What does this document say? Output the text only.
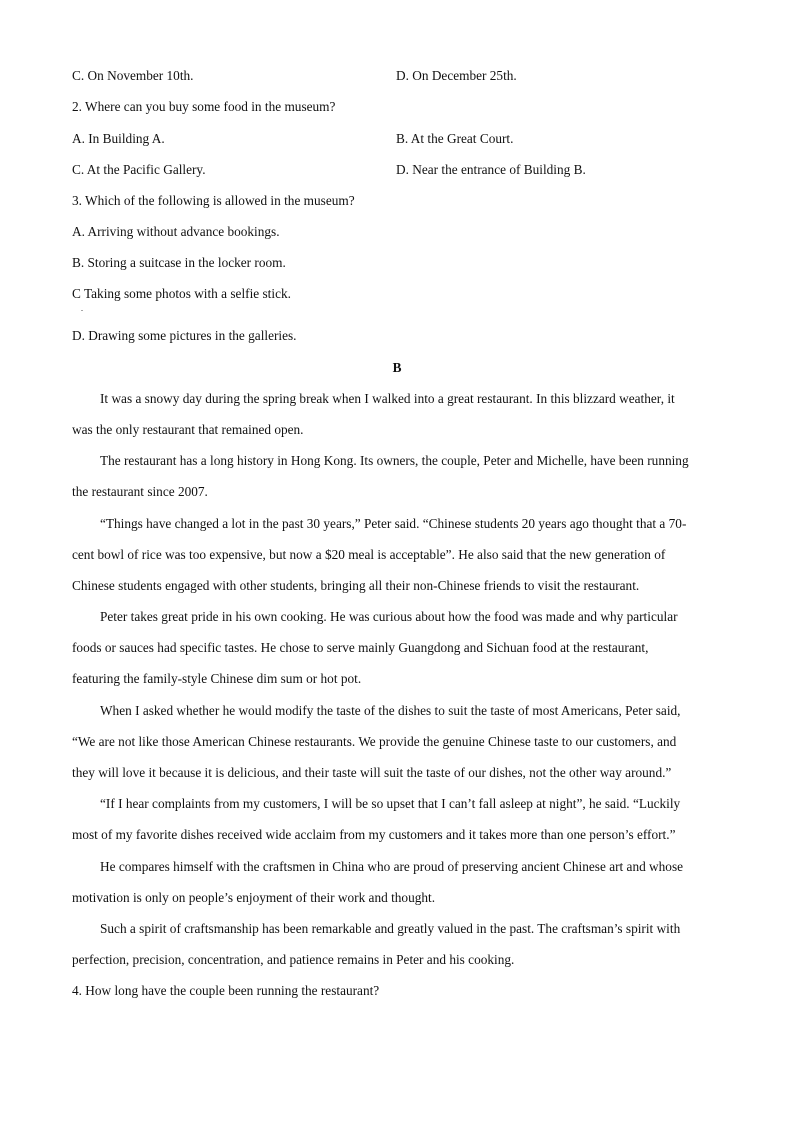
C. On November 10th.	D. On December 25th.
2. Where can you buy some food in the museum?
A. In Building A.	B. At the Great Court.
C. At the Pacific Gallery.	D. Near the entrance of Building B.
3. Which of the following is allowed in the museum?
A. Arriving without advance bookings.
B. Storing a suitcase in the locker room.
C Taking some photos with a selfie stick.
.
D. Drawing some pictures in the galleries.
B
It was a snowy day during the spring break when I walked into a great restaurant. In this blizzard weather, it
was the only restaurant that remained open.
The restaurant has a long history in Hong Kong. Its owners, the couple, Peter and Michelle, have been running
the restaurant since 2007.
“Things have changed a lot in the past 30 years,” Peter said. “Chinese students 20 years ago thought that a 70-
cent bowl of rice was too expensive, but now a $20 meal is acceptable”. He also said that the new generation of
Chinese students engaged with other students, bringing all their non-Chinese friends to visit the restaurant.
Peter takes great pride in his own cooking. He was curious about how the food was made and why particular
foods or sauces had specific tastes. He chose to serve mainly Guangdong and Sichuan food at the restaurant,
featuring the family-style Chinese dim sum or hot pot.
When I asked whether he would modify the taste of the dishes to suit the taste of most Americans, Peter said,
“We are not like those American Chinese restaurants. We provide the genuine Chinese taste to our customers, and
they will love it because it is delicious, and their taste will suit the taste of our dishes, not the other way around.”
“If I hear complaints from my customers, I will be so upset that I can’t fall asleep at night”, he said. “Luckily
most of my favorite dishes received wide acclaim from my customers and it takes more than one person’s effort.”
He compares himself with the craftsmen in China who are proud of preserving ancient Chinese art and whose
motivation is only on people’s enjoyment of their work and thought.
Such a spirit of craftsmanship has been remarkable and greatly valued in the past. The craftsman’s spirit with
perfection, precision, concentration, and patience remains in Peter and his cooking.
4. How long have the couple been running the restaurant?
